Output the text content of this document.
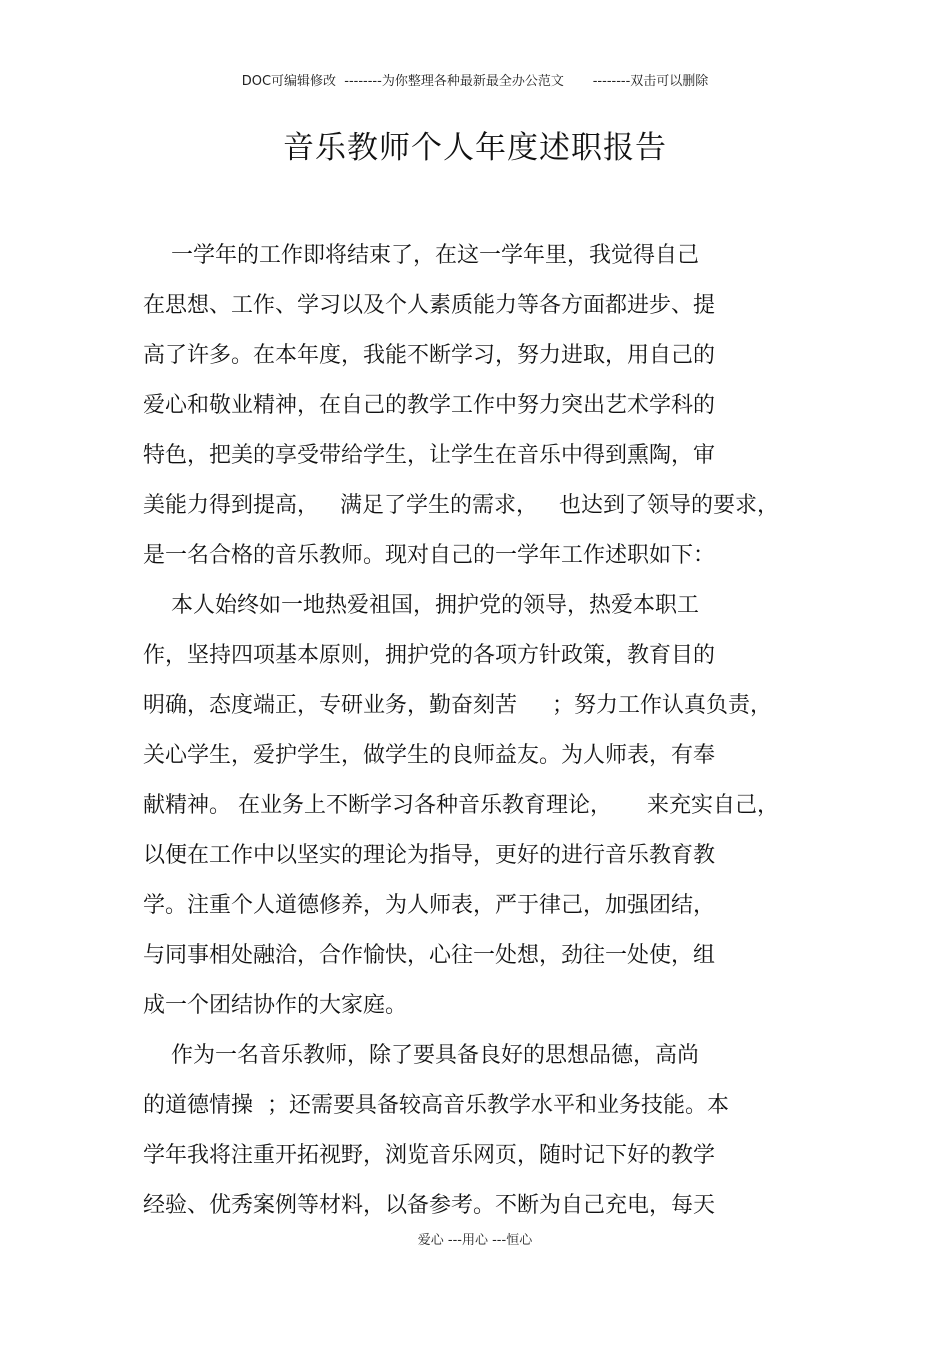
DOC可编辑修改  --------为你整理各种最新最全办公范文       --------双击可以删除
音乐教师个人年度述职报告
一学年的工作即将结束了，在这一学年里，我觉得自己
在思想、工作、学习以及个人素质能力等各方面都进步、提
高了许多。在本年度，我能不断学习，努力进取，用自己的
爱心和敬业精神，在自己的教学工作中努力突出艺术学科的
特色，把美的享受带给学生，让学生在音乐中得到熏陶，审
美能力得到提高，   满足了学生的需求，   也达到了领导的要求，
是一名合格的音乐教师。现对自己的一学年工作述职如下：
本人始终如一地热爱祖国，拥护党的领导，热爱本职工
作，坚持四项基本原则，拥护党的各项方针政策，教育目的
明确，态度端正，专研业务，勤奋刻苦     ；努力工作认真负责，
关心学生，爱护学生，做学生的良师益友。为人师表，有奉
献精神。 在业务上不断学习各种音乐教育理论，     来充实自己，
以便在工作中以坚实的理论为指导，更好的进行音乐教育教
学。注重个人道德修养，为人师表，严于律己，加强团结，
与同事相处融洽，合作愉快，心往一处想，劲往一处使，组
成一个团结协作的大家庭。
作为一名音乐教师，除了要具备良好的思想品德，高尚
的道德情操  ；还需要具备较高音乐教学水平和业务技能。本
学年我将注重开拓视野，浏览音乐网页，随时记下好的教学
经验、优秀案例等材料，以备参考。不断为自己充电，每天
爱心 ---用心 ---恒心
